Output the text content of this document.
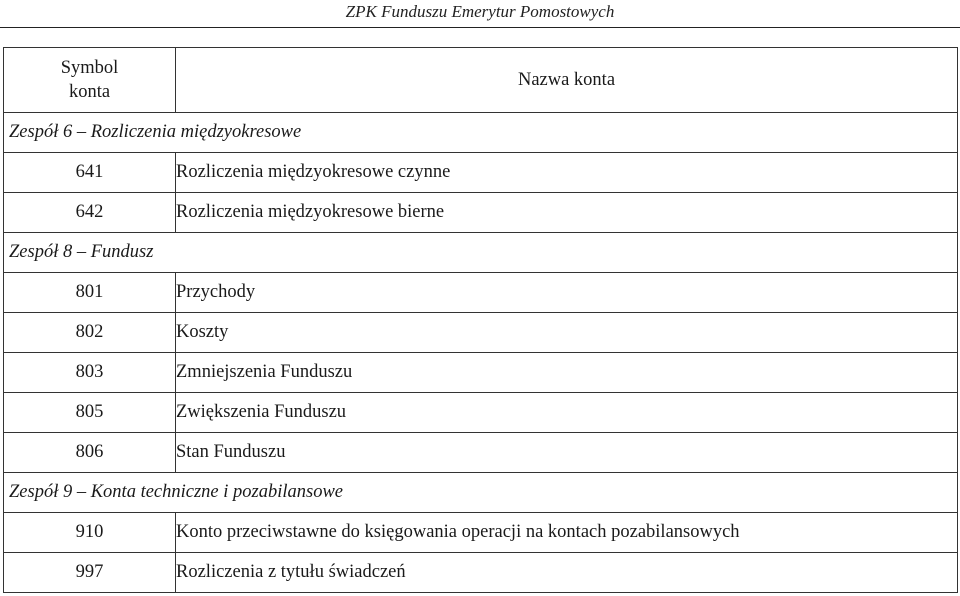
ZPK Funduszu Emerytur Pomostowych
Symbol
konta	Nazwa konta
Zespół 6 – Rozliczenia międzyokresowe	
641	Rozliczenia międzyokresowe czynne
642	Rozliczenia międzyokresowe bierne
Zespół 8 – Fundusz	
801	Przychody
802	Koszty
803	Zmniejszenia Funduszu
805	Zwiększenia Funduszu
806	Stan Funduszu
Zespół 9 – Konta techniczne i pozabilansowe	
910	Konto przeciwstawne do księgowania operacji na kontach pozabilansowych
997	Rozliczenia z tytułu świadczeń
